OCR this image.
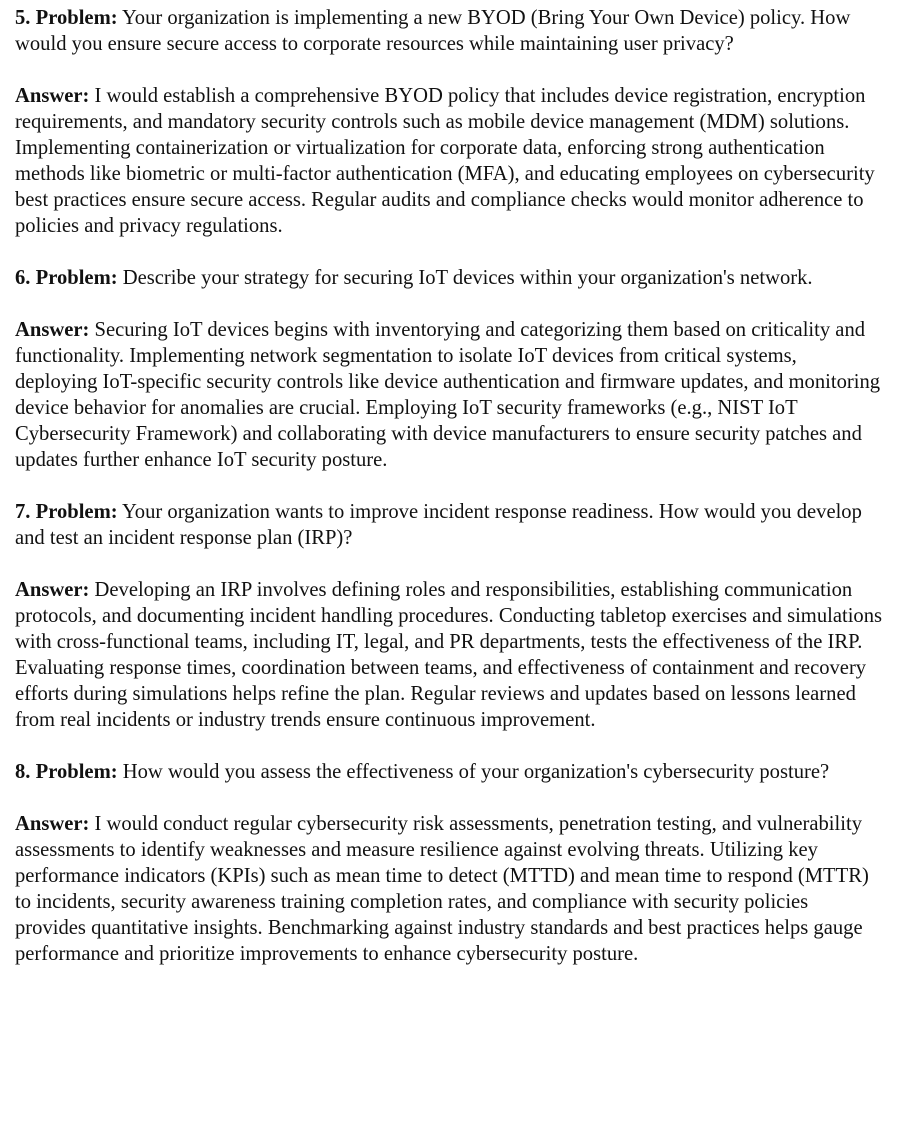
5. Problem: Your organization is implementing a new BYOD (Bring Your Own Device) policy. How would you ensure secure access to corporate resources while maintaining user privacy?

Answer: I would establish a comprehensive BYOD policy that includes device registration, encryption requirements, and mandatory security controls such as mobile device management (MDM) solutions. Implementing containerization or virtualization for corporate data, enforcing strong authentication methods like biometric or multi-factor authentication (MFA), and educating employees on cybersecurity best practices ensure secure access. Regular audits and compliance checks would monitor adherence to policies and privacy regulations.

6. Problem: Describe your strategy for securing IoT devices within your organization's network.

Answer: Securing IoT devices begins with inventorying and categorizing them based on criticality and functionality. Implementing network segmentation to isolate IoT devices from critical systems, deploying IoT-specific security controls like device authentication and firmware updates, and monitoring device behavior for anomalies are crucial. Employing IoT security frameworks (e.g., NIST IoT Cybersecurity Framework) and collaborating with device manufacturers to ensure security patches and updates further enhance IoT security posture.

7. Problem: Your organization wants to improve incident response readiness. How would you develop and test an incident response plan (IRP)?

Answer: Developing an IRP involves defining roles and responsibilities, establishing communication protocols, and documenting incident handling procedures. Conducting tabletop exercises and simulations with cross-functional teams, including IT, legal, and PR departments, tests the effectiveness of the IRP. Evaluating response times, coordination between teams, and effectiveness of containment and recovery efforts during simulations helps refine the plan. Regular reviews and updates based on lessons learned from real incidents or industry trends ensure continuous improvement.

8. Problem: How would you assess the effectiveness of your organization's cybersecurity posture?

Answer: I would conduct regular cybersecurity risk assessments, penetration testing, and vulnerability assessments to identify weaknesses and measure resilience against evolving threats. Utilizing key performance indicators (KPIs) such as mean time to detect (MTTD) and mean time to respond (MTTR) to incidents, security awareness training completion rates, and compliance with security policies provides quantitative insights. Benchmarking against industry standards and best practices helps gauge performance and prioritize improvements to enhance cybersecurity posture.
